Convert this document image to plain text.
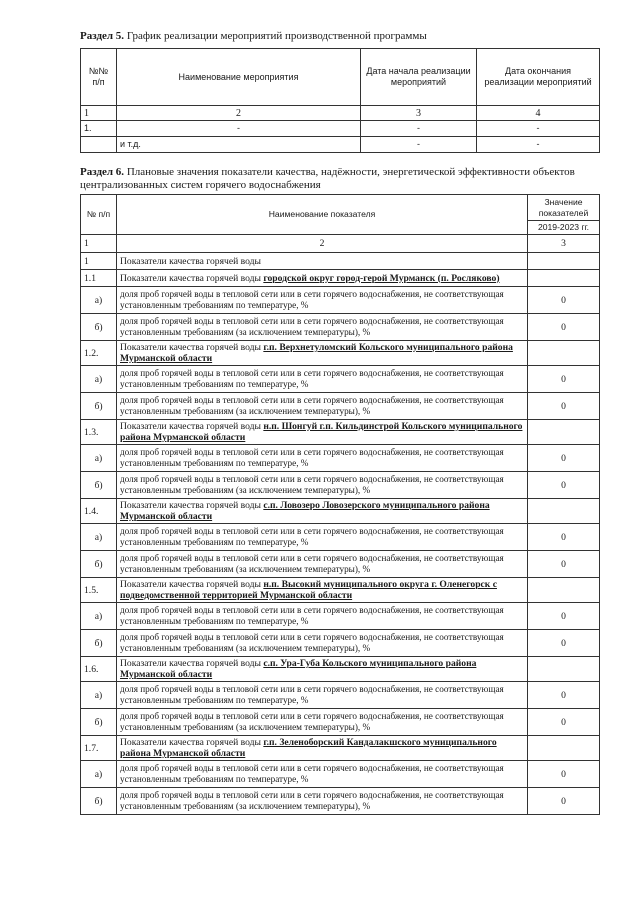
Раздел 5. График реализации мероприятий производственной программы
№№ п/п	Наименование мероприятия	Дата начала реализации мероприятий	Дата окончания реализации мероприятий
1	2	3	4
1.	-	-	-
	и т.д.	-	-
Раздел 6. Плановые значения показатели качества, надёжности, энергетической эффективности объектов централизованных систем горячего водоснабжения
№ п/п	Наименование показателя	Значение показателей
		2019-2023 гг.
1	2	3
1	Показатели качества горячей воды	
1.1	Показатели качества горячей воды городской округ город-герой Мурманск (п. Росляково)	
а)	доля проб горячей воды в тепловой сети или в сети горячего водоснабжения, не соответствующая установленным требованиям по температуре, %	0
б)	доля проб горячей воды в тепловой сети или в сети горячего водоснабжения, не соответствующая установленным требованиям (за исключением температуры), %	0
1.2.	Показатели качества горячей воды г.п. Верхнетуломский Кольского муниципального района Мурманской области	
а)	доля проб горячей воды в тепловой сети или в сети горячего водоснабжения, не соответствующая установленным требованиям по температуре, %	0
б)	доля проб горячей воды в тепловой сети или в сети горячего водоснабжения, не соответствующая установленным требованиям (за исключением температуры), %	0
1.3.	Показатели качества горячей воды н.п. Шонгуй г.п. Кильдинстрой Кольского муниципального района Мурманской области	
а)	доля проб горячей воды в тепловой сети или в сети горячего водоснабжения, не соответствующая установленным требованиям по температуре, %	0
б)	доля проб горячей воды в тепловой сети или в сети горячего водоснабжения, не соответствующая установленным требованиям (за исключением температуры), %	0
1.4.	Показатели качества горячей воды с.п. Ловозеро Ловозерского муниципального района Мурманской области	
а)	доля проб горячей воды в тепловой сети или в сети горячего водоснабжения, не соответствующая установленным требованиям по температуре, %	0
б)	доля проб горячей воды в тепловой сети или в сети горячего водоснабжения, не соответствующая установленным требованиям (за исключением температуры), %	0
1.5.	Показатели качества горячей воды н.п. Высокий муниципального округа г. Оленегорск с подведомственной территорией Мурманской области	
а)	доля проб горячей воды в тепловой сети или в сети горячего водоснабжения, не соответствующая установленным требованиям по температуре, %	0
б)	доля проб горячей воды в тепловой сети или в сети горячего водоснабжения, не соответствующая установленным требованиям (за исключением температуры), %	0
1.6.	Показатели качества горячей воды с.п. Ура-Губа Кольского муниципального района Мурманской области	
а)	доля проб горячей воды в тепловой сети или в сети горячего водоснабжения, не соответствующая установленным требованиям по температуре, %	0
б)	доля проб горячей воды в тепловой сети или в сети горячего водоснабжения, не соответствующая установленным требованиям (за исключением температуры), %	0
1.7.	Показатели качества горячей воды г.п. Зеленоборский Кандалакшского муниципального района Мурманской области	
а)	доля проб горячей воды в тепловой сети или в сети горячего водоснабжения, не соответствующая установленным требованиям по температуре, %	0
б)	доля проб горячей воды в тепловой сети или в сети горячего водоснабжения, не соответствующая установленным требованиям (за исключением температуры), %	0
